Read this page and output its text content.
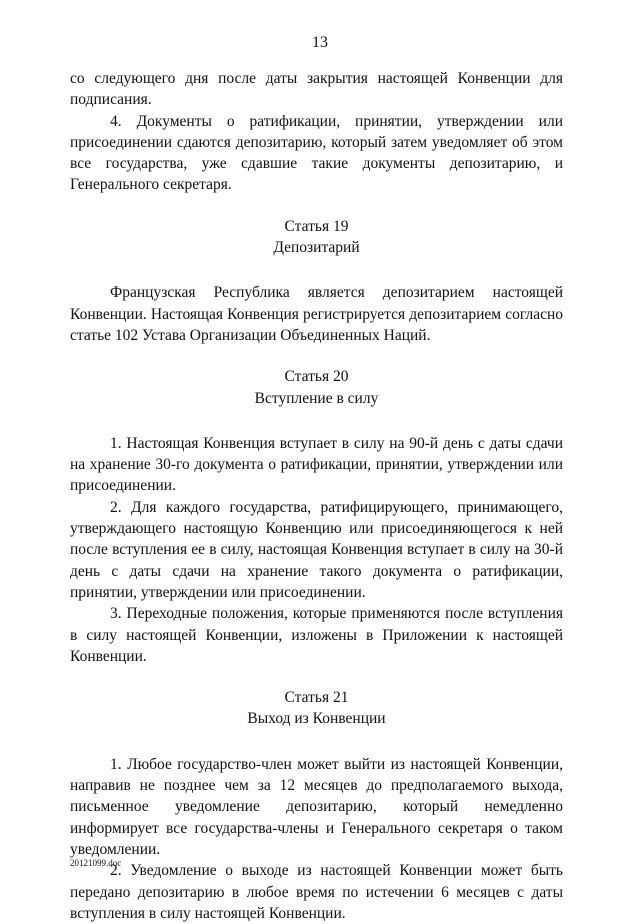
13

со следующего дня после даты закрытия настоящей Конвенции для подписания.

4. Документы о ратификации, принятии, утверждении или присоединении сдаются депозитарию, который затем уведомляет об этом все государства, уже сдавшие такие документы депозитарию, и Генерального секретаря.

Статья 19
Депозитарий

Французская Республика является депозитарием настоящей Конвенции. Настоящая Конвенция регистрируется депозитарием согласно статье 102 Устава Организации Объединенных Наций.

Статья 20
Вступление в силу

1. Настоящая Конвенция вступает в силу на 90-й день с даты сдачи на хранение 30-го документа о ратификации, принятии, утверждении или присоединении.

2. Для каждого государства, ратифицирующего, принимающего, утверждающего настоящую Конвенцию или присоединяющегося к ней после вступления ее в силу, настоящая Конвенция вступает в силу на 30-й день с даты сдачи на хранение такого документа о ратификации, принятии, утверждении или присоединении.

3. Переходные положения, которые применяются после вступления в силу настоящей Конвенции, изложены в Приложении к настоящей Конвенции.

Статья 21
Выход из Конвенции

1. Любое государство-член может выйти из настоящей Конвенции, направив не позднее чем за 12 месяцев до предполагаемого выхода, письменное уведомление депозитарию, который немедленно информирует все государства-члены и Генерального секретаря о таком уведомлении.

2. Уведомление о выходе из настоящей Конвенции может быть передано депозитарию в любое время по истечении 6 месяцев с даты вступления в силу настоящей Конвенции.

20121099.doc
